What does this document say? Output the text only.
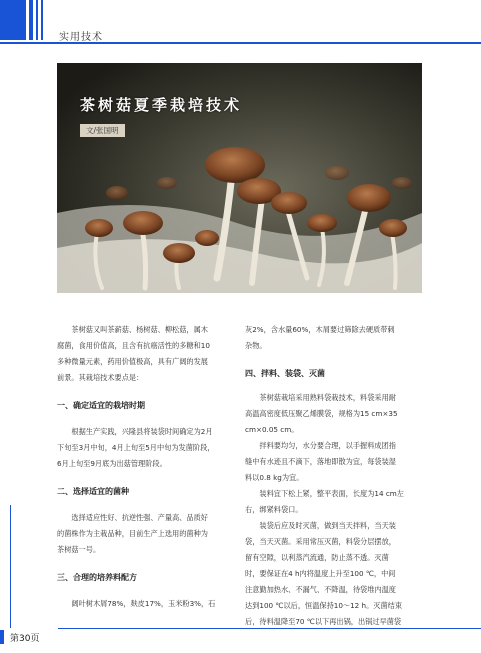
实用技术
茶树菇夏季栽培技术
文/张国明

茶树菇又叫茶薪菇、杨树菇、柳松菇，属木
腐菌，食用价值高，且含有抗癌活性的多糖和10
多种微量元素，药用价值极高，具有广阔的发展
前景。其栽培技术要点是：

一、确定适宜的栽培时期

根据生产实践，兴隆县将装袋时间确定为2月
下旬至3月中旬，4月上旬至5月中旬为发菌阶段，
6月上旬至9月底为出菇管理阶段。

二、选择适宜的菌种

选择适应性好、抗逆性强、产量高、品质好
的菌株作为主栽品种，目前生产上选用的菌种为
茶树菇一号。

三、合理的培养料配方

阔叶树木屑78%，麸皮17%，玉米粉3%，石

灰2%，含水量60%，木屑要过筛除去硬质带刺
杂物。

四、拌料、装袋、灭菌

茶树菇栽培采用熟料袋栽技术，料袋采用耐
高温高密度低压聚乙烯膜袋，规格为15 cm×35
cm×0.05 cm。

拌料要均匀，水分要合理，以手握料成团指
缝中有水迹且不滴下，落地即散为宜，每袋装湿
料以0.8 kg为宜。

装料宜下松上紧，整平表面，长度为14 cm左
右，绑紧料袋口。

装袋后应及时灭菌，做到当天拌料，当天装
袋，当天灭菌。采用常压灭菌，料袋分层摆放，
留有空隙，以利蒸汽流通，防止蒸不透。灭菌
时，要保证在4 h内将温度上升至100 ℃，中间
注意勤加热水、不漏气、不降温，待袋堆内温度
达到100 ℃以后，恒温保持10～12 h。灭菌结束
后，待料温降至70 ℃以下再出锅，出锅过早菌袋

第30页
